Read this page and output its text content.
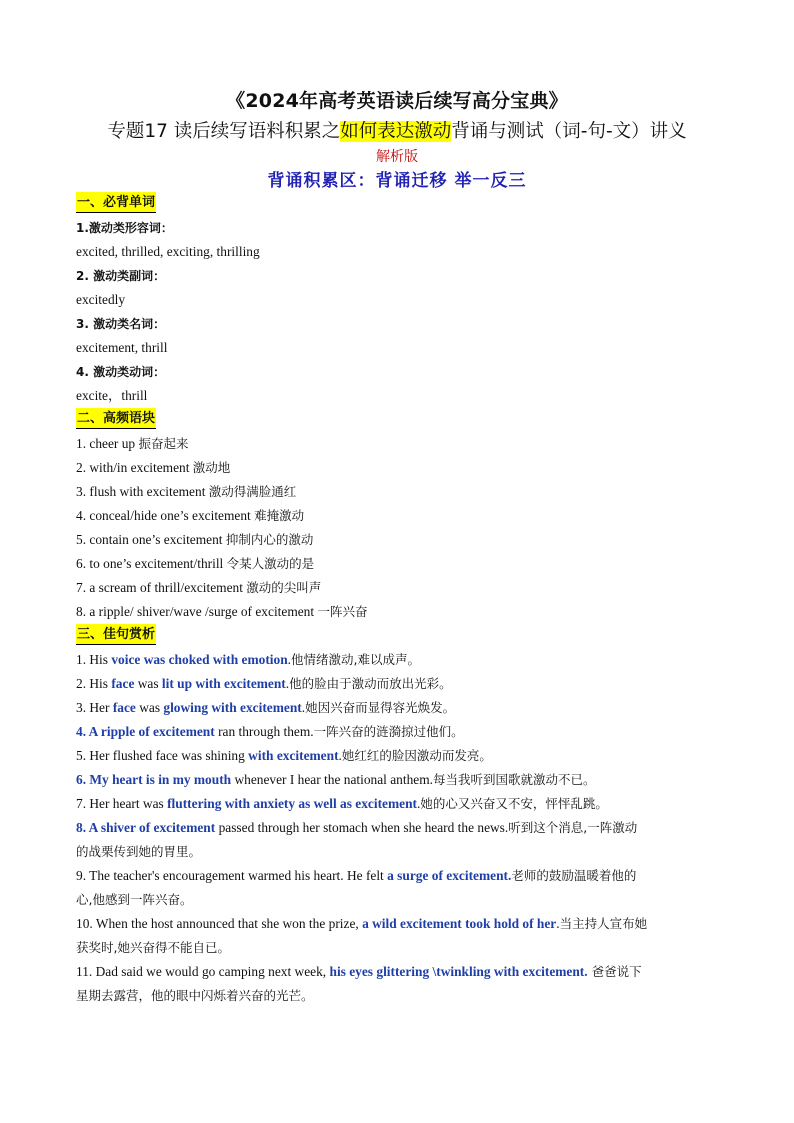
《2024年高考英语读后续写高分宝典》
专题17 读后续写语料积累之如何表达激动背诵与测试（词-句-文）讲义
解析版
背诵积累区：背诵迁移 举一反三
一、必背单词
1.激动类形容词：
excited, thrilled, exciting, thrilling
2. 激动类副词：
excitedly
3. 激动类名词：
excitement, thrill
4. 激动类动词：
excite，thrill
二、高频语块
1. cheer up 振奋起来
2. with/in excitement 激动地
3. flush with excitement 激动得满脸通红
4. conceal/hide one’s excitement 难掩激动
5. contain one’s excitement 抑制内心的激动
6. to one’s excitement/thrill 令某人激动的是
7. a scream of thrill/excitement 激动的尖叫声
8. a ripple/ shiver/wave /surge of excitement 一阵兴奋
三、佳句赏析
1. His voice was choked with emotion.他情绪激动,难以成声。
2. His face was lit up with excitement.他的脸由于激动而放出光彩。
3. Her face was glowing with excitement.她因兴奋而显得容光焕发。
4. A ripple of excitement ran through them.一阵兴奋的涟漪掠过他们。
5. Her flushed face was shining with excitement.她红红的脸因激动而发亮。
6. My heart is in my mouth whenever I hear the national anthem.每当我听到国歌就激动不已。
7. Her heart was fluttering with anxiety as well as excitement.她的心又兴奋又不安，怦怦乱跳。
8. A shiver of excitement passed through her stomach when she heard the news.听到这个消息,一阵激动
的战栗传到她的胃里。
9. The teacher's encouragement warmed his heart. He felt a surge of excitement.老师的鼓励温暖着他的
心,他感到一阵兴奋。
10. When the host announced that she won the prize, a wild excitement took hold of her.当主持人宣布她
获奖时,她兴奋得不能自已。
11. Dad said we would go camping next week, his eyes glittering \twinkling with excitement. 爸爸说下
星期去露营，他的眼中闪烁着兴奋的光芒。
